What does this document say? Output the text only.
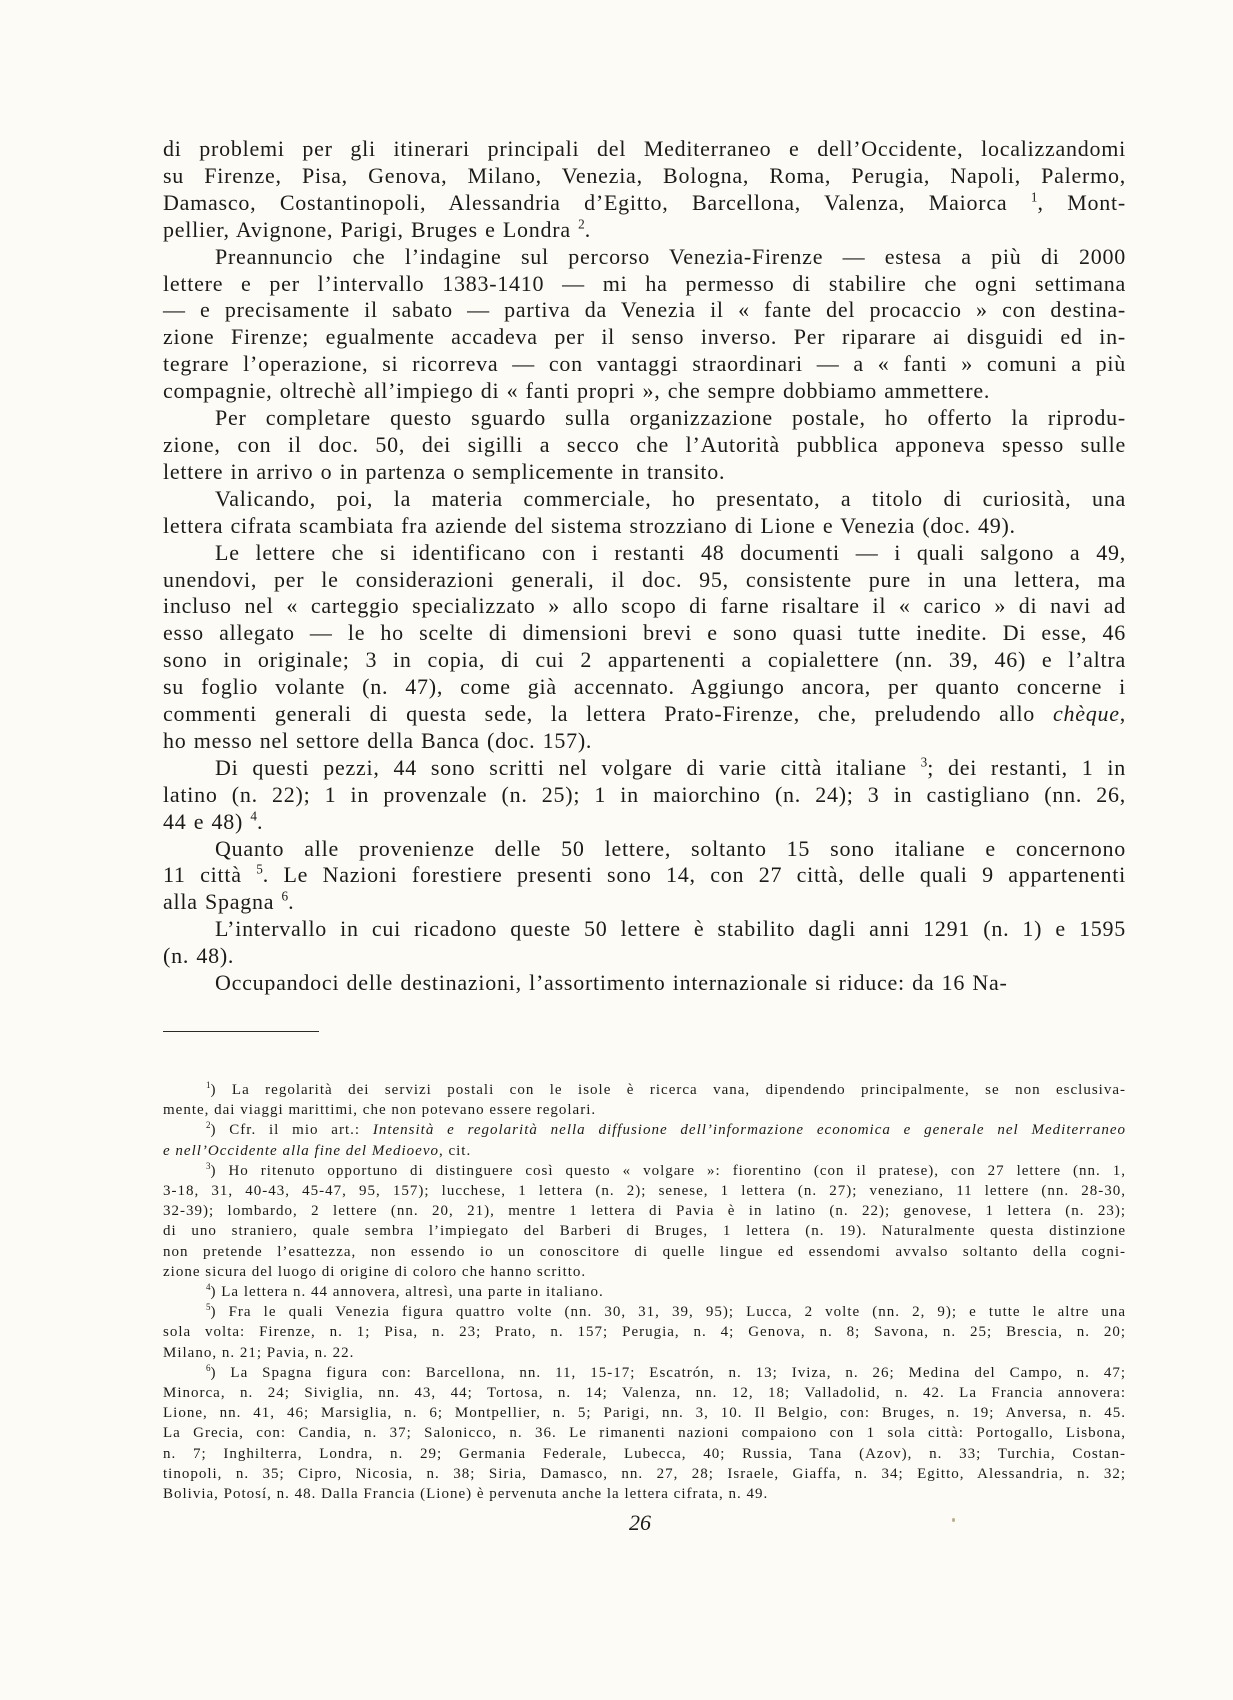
di problemi per gli itinerari principali del Mediterraneo e dell’Occidente, localizzandomi
su Firenze, Pisa, Genova, Milano, Venezia, Bologna, Roma, Perugia, Napoli, Palermo,
Damasco, Costantinopoli, Alessandria d’Egitto, Barcellona, Valenza, Maiorca $^1$, Mont-
pellier, Avignone, Parigi, Bruges e Londra $^2$.
Preannuncio che l’indagine sul percorso Venezia-Firenze — estesa a più di 2000
lettere e per l’intervallo 1383-1410 — mi ha permesso di stabilire che ogni settimana
— e precisamente il sabato — partiva da Venezia il « fante del procaccio » con destina-
zione Firenze; egualmente accadeva per il senso inverso. Per riparare ai disguidi ed in-
tegrare l’operazione, si ricorreva — con vantaggi straordinari — a « fanti » comuni a più
compagnie, oltrechè all’impiego di « fanti propri », che sempre dobbiamo ammettere.
Per completare questo sguardo sulla organizzazione postale, ho offerto la riprodu-
zione, con il doc. 50, dei sigilli a secco che l’Autorità pubblica apponeva spesso sulle
lettere in arrivo o in partenza o semplicemente in transito.
Valicando, poi, la materia commerciale, ho presentato, a titolo di curiosità, una
lettera cifrata scambiata fra aziende del sistema strozziano di Lione e Venezia (doc. 49).
Le lettere che si identificano con i restanti 48 documenti — i quali salgono a 49,
unendovi, per le considerazioni generali, il doc. 95, consistente pure in una lettera, ma
incluso nel « carteggio specializzato » allo scopo di farne risaltare il « carico » di navi ad
esso allegato — le ho scelte di dimensioni brevi e sono quasi tutte inedite. Di esse, 46
sono in originale; 3 in copia, di cui 2 appartenenti a copialettere (nn. 39, 46) e l’altra
su foglio volante (n. 47), come già accennato. Aggiungo ancora, per quanto concerne i
commenti generali di questa sede, la lettera Prato-Firenze, che, preludendo allo chèque,
ho messo nel settore della Banca (doc. 157).
Di questi pezzi, 44 sono scritti nel volgare di varie città italiane $^3$; dei restanti, 1 in
latino (n. 22); 1 in provenzale (n. 25); 1 in maiorchino (n. 24); 3 in castigliano (nn. 26,
44 e 48) $^4$.
Quanto alle provenienze delle 50 lettere, soltanto 15 sono italiane e concernono
11 città $^5$. Le Nazioni forestiere presenti sono 14, con 27 città, delle quali 9 appartenenti
alla Spagna $^6$.
L’intervallo in cui ricadono queste 50 lettere è stabilito dagli anni 1291 (n. 1) e 1595
(n. 48).
Occupandoci delle destinazioni, l’assortimento internazionale si riduce: da 16 Na-
$^1$) La regolarità dei servizi postali con le isole è ricerca vana, dipendendo principalmente, se non esclusiva-
mente, dai viaggi marittimi, che non potevano essere regolari.
$^2$) Cfr. il mio art.: Intensità e regolarità nella diffusione dell’informazione economica e generale nel Mediterraneo
e nell’Occidente alla fine del Medioevo, cit.
$^3$) Ho ritenuto opportuno di distinguere così questo « volgare »: fiorentino (con il pratese), con 27 lettere (nn. 1,
3-18, 31, 40-43, 45-47, 95, 157); lucchese, 1 lettera (n. 2); senese, 1 lettera (n. 27); veneziano, 11 lettere (nn. 28-30,
32-39); lombardo, 2 lettere (nn. 20, 21), mentre 1 lettera di Pavia è in latino (n. 22); genovese, 1 lettera (n. 23);
di uno straniero, quale sembra l’impiegato del Barberi di Bruges, 1 lettera (n. 19). Naturalmente questa distinzione
non pretende l’esattezza, non essendo io un conoscitore di quelle lingue ed essendomi avvalso soltanto della cogni-
zione sicura del luogo di origine di coloro che hanno scritto.
$^4$) La lettera n. 44 annovera, altresì, una parte in italiano.
$^5$) Fra le quali Venezia figura quattro volte (nn. 30, 31, 39, 95); Lucca, 2 volte (nn. 2, 9); e tutte le altre una
sola volta: Firenze, n. 1; Pisa, n. 23; Prato, n. 157; Perugia, n. 4; Genova, n. 8; Savona, n. 25; Brescia, n. 20;
Milano, n. 21; Pavia, n. 22.
$^6$) La Spagna figura con: Barcellona, nn. 11, 15-17; Escatrón, n. 13; Iviza, n. 26; Medina del Campo, n. 47;
Minorca, n. 24; Siviglia, nn. 43, 44; Tortosa, n. 14; Valenza, nn. 12, 18; Valladolid, n. 42. La Francia annovera:
Lione, nn. 41, 46; Marsiglia, n. 6; Montpellier, n. 5; Parigi, nn. 3, 10. Il Belgio, con: Bruges, n. 19; Anversa, n. 45.
La Grecia, con: Candia, n. 37; Salonicco, n. 36. Le rimanenti nazioni compaiono con 1 sola città: Portogallo, Lisbona,
n. 7; Inghilterra, Londra, n. 29; Germania Federale, Lubecca, 40; Russia, Tana (Azov), n. 33; Turchia, Costan-
tinopoli, n. 35; Cipro, Nicosia, n. 38; Siria, Damasco, nn. 27, 28; Israele, Giaffa, n. 34; Egitto, Alessandria, n. 32;
Bolivia, Potosí, n. 48. Dalla Francia (Lione) è pervenuta anche la lettera cifrata, n. 49.
26
